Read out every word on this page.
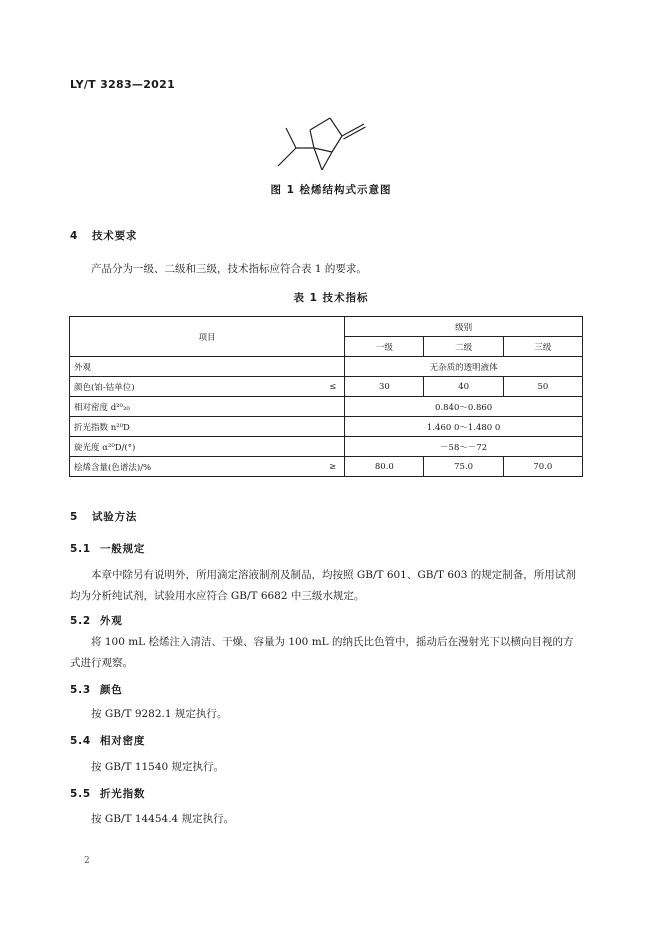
LY/T 3283—2021
图 1 桧烯结构式示意图
4 技术要求
产品分为一级、二级和三级，技术指标应符合表 1 的要求。
表 1 技术指标
项目		级别		
		一级	二级	三级
外观		无杂质的透明液体		
颜色(铂-钴单位)	≤	30	40	50
相对密度 d²⁰₂₀		0.840～0.860		
折光指数 n²⁰D		1.460 0～1.480 0		
旋光度 α²⁰D/(°)		－58～－72		
桧烯含量(色谱法)/%	≥	80.0	75.0	70.0
5 试验方法
5.1 一般规定
本章中除另有说明外，所用滴定溶液制剂及制品，均按照 GB/T 601、GB/T 603 的规定制备，所用试剂均为分析纯试剂，试验用水应符合 GB/T 6682 中三级水规定。
5.2 外观
将 100 mL 桧烯注入清洁、干燥、容量为 100 mL 的纳氏比色管中，摇动后在漫射光下以横向目视的方式进行观察。
5.3 颜色
按 GB/T 9282.1 规定执行。
5.4 相对密度
按 GB/T 11540 规定执行。
5.5 折光指数
按 GB/T 14454.4 规定执行。
2
